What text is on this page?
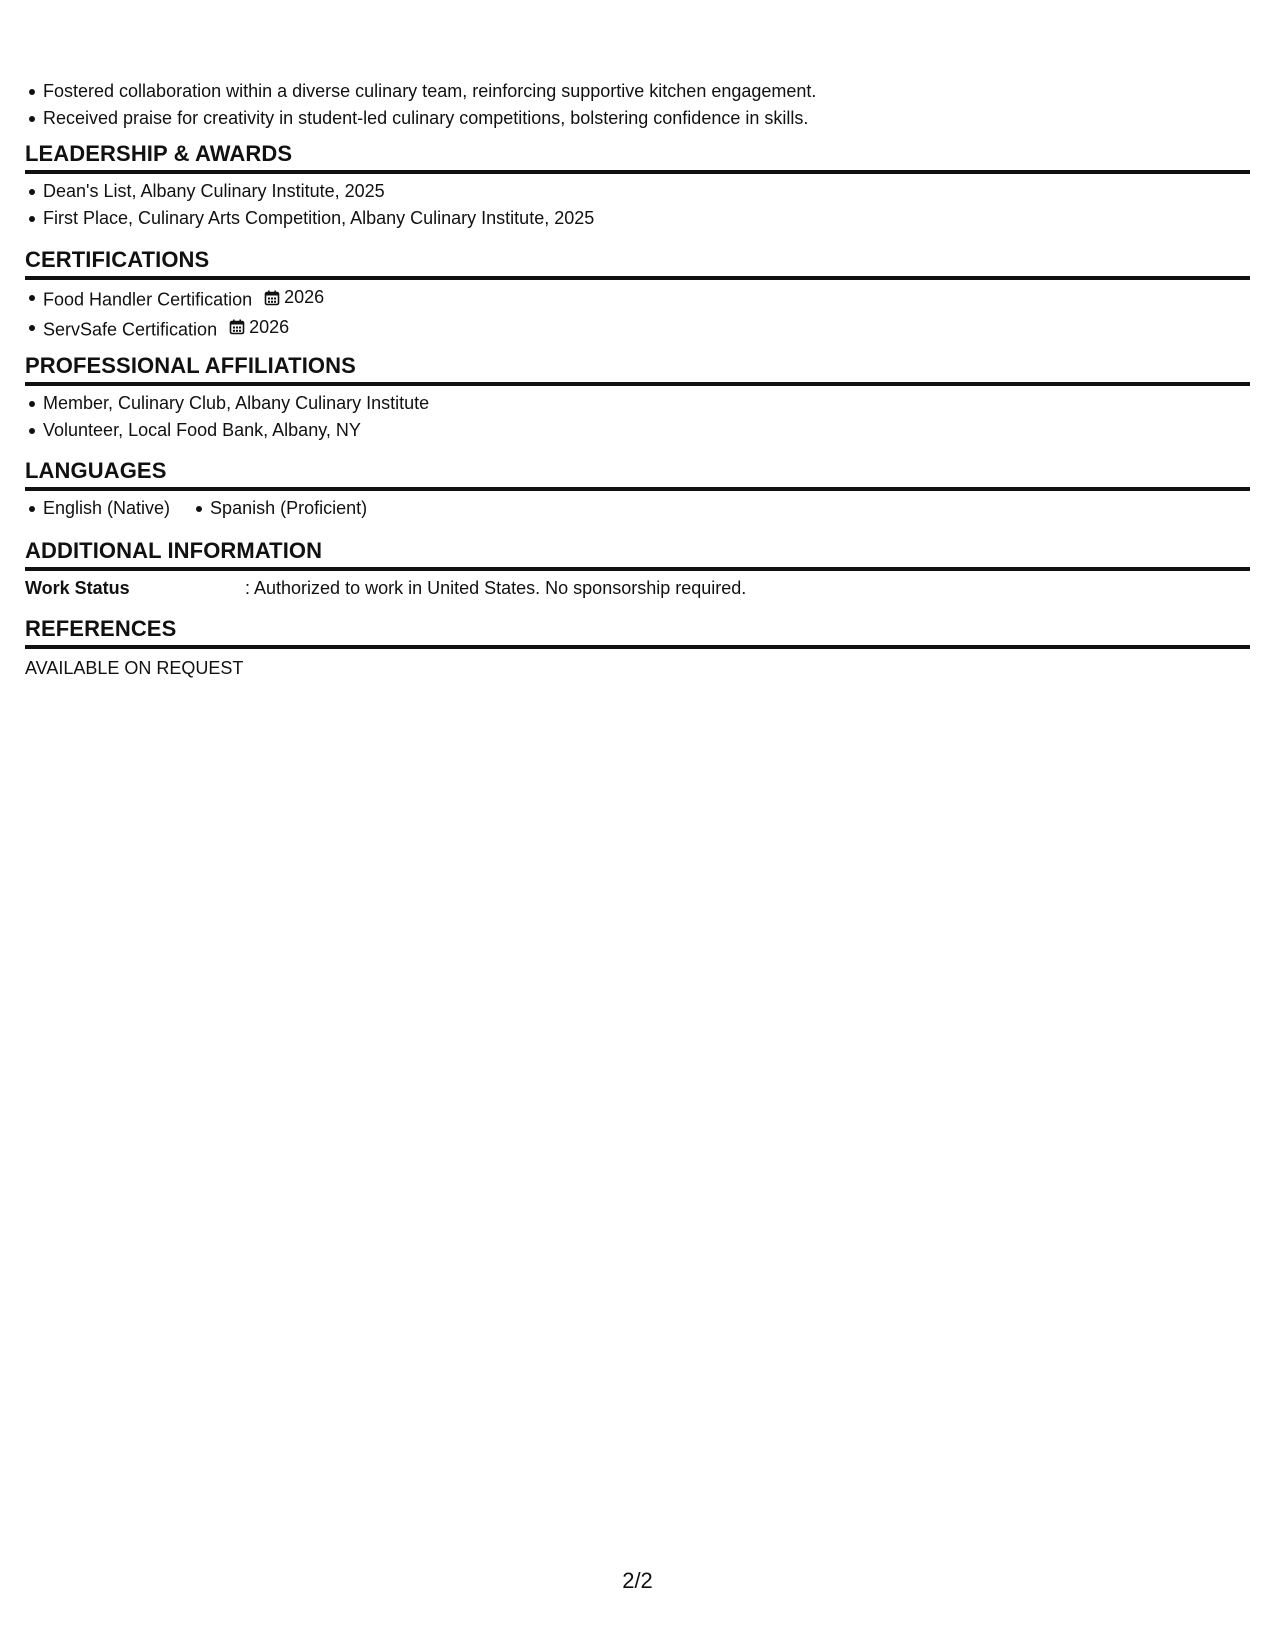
Fostered collaboration within a diverse culinary team, reinforcing supportive kitchen engagement.
Received praise for creativity in student-led culinary competitions, bolstering confidence in skills.
LEADERSHIP & AWARDS
Dean's List, Albany Culinary Institute, 2025
First Place, Culinary Arts Competition, Albany Culinary Institute, 2025
CERTIFICATIONS
Food Handler Certification 2026
ServSafe Certification 2026
PROFESSIONAL AFFILIATIONS
Member, Culinary Club, Albany Culinary Institute
Volunteer, Local Food Bank, Albany, NY
LANGUAGES
English (Native) Spanish (Proficient)
ADDITIONAL INFORMATION
Work Status	: Authorized to work in United States. No sponsorship required.
REFERENCES
AVAILABLE ON REQUEST
2/2
